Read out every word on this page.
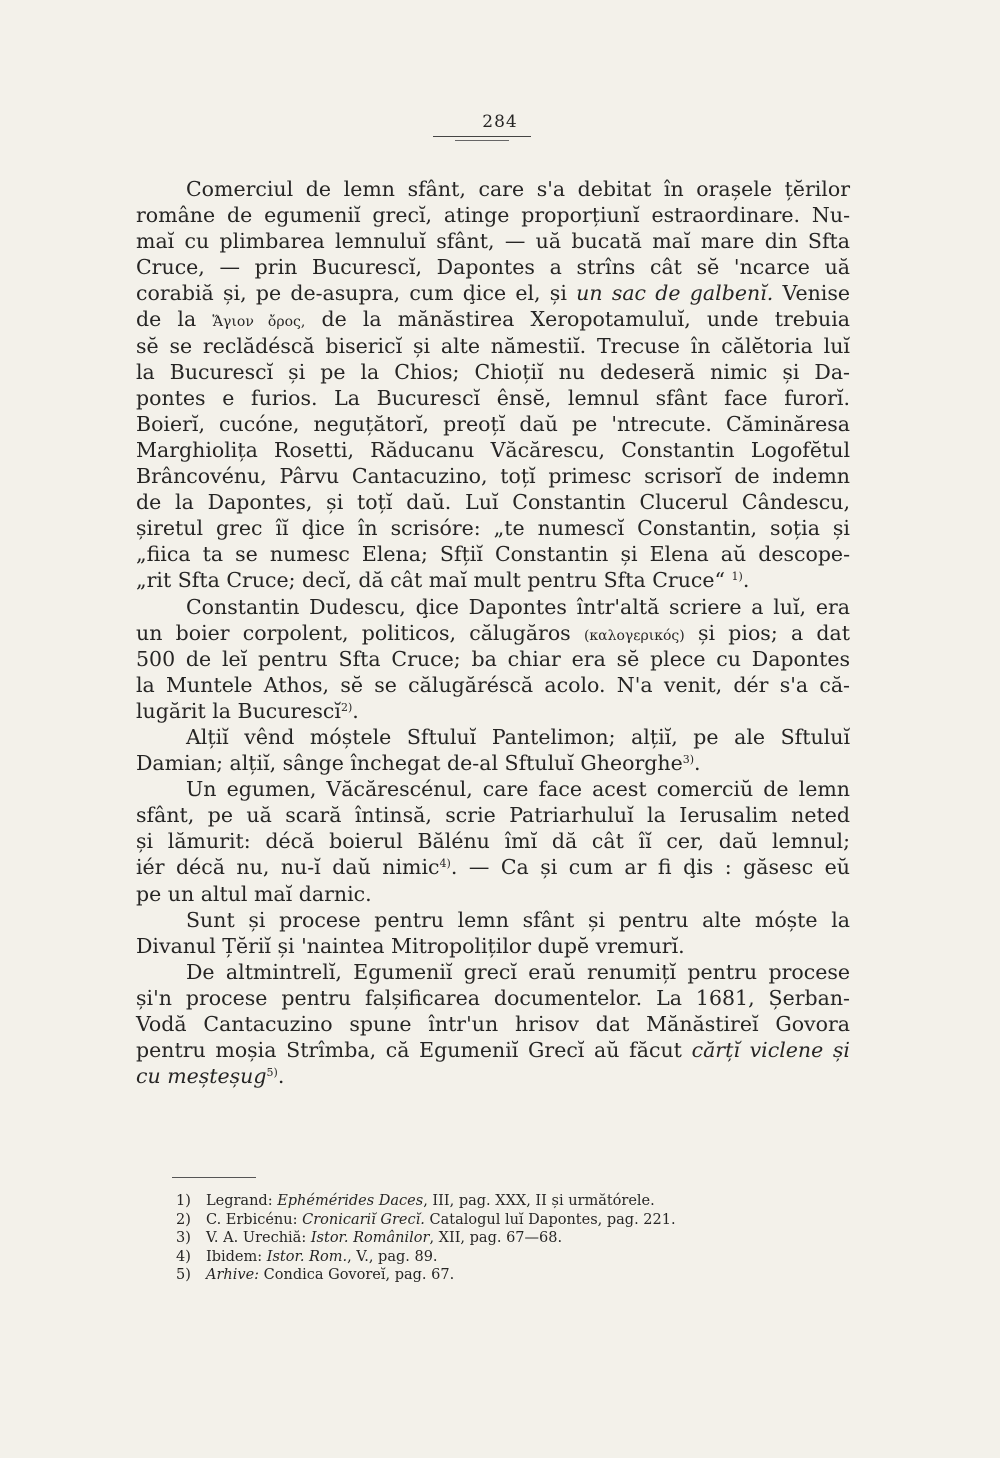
284
Comerciul de lemn sfânt, care s'a debitat în orașele țĕrilor
române de egumeniĭ grecĭ, atinge proporțiunĭ estraordinare. Nu-
maĭ cu plimbarea lemnuluĭ sfânt, — uă bucată maĭ mare din Sfta
Cruce, — prin Bucurescĭ, Dapontes a strîns cât sĕ 'ncarce uă
corabiă și, pe de-asupra, cum ḑice el, și un sac de galbenĭ. Venise
de la Ἅγιον ὄρος, de la mănăstirea Xeropotamuluĭ, unde trebuia
sĕ se reclădéscă bisericĭ și alte nămestiĭ. Trecuse în călĕtoria luĭ
la Bucurescĭ și pe la Chios; Chioțiĭ nu dedeseră nimic și Da-
pontes e furios. La Bucurescĭ ênsĕ, lemnul sfânt face furorĭ.
Boierĭ, cucóne, neguțătorĭ, preoțĭ daŭ pe 'ntrecute. Căminăresa
Marghiolița Rosetti, Răducanu Văcărescu, Constantin Logofĕtul
Brâncovénu, Pârvu Cantacuzino, toțĭ primesc scrisorĭ de indemn
de la Dapontes, și toțĭ daŭ. Luĭ Constantin Clucerul Cândescu,
șiretul grec îĭ ḑice în scrisóre: „te numescĭ Constantin, soția și
„fiica ta se numesc Elena; Sfțiĭ Constantin și Elena aŭ descope-
„rit Sfta Cruce; decĭ, dă cât maĭ mult pentru Sfta Cruce“ $^{1)}$.
Constantin Dudescu, ḑice Dapontes într'altă scriere a luĭ, era
un boier corpolent, politicos, călugăros (καλογερικός) și pios; a dat
500 de leĭ pentru Sfta Cruce; ba chiar era sĕ plece cu Dapontes
la Muntele Athos, sĕ se călugăréscă acolo. N'a venit, dér s'a că-
lugărit la Bucurescĭ$^{2)}$.
Alțiĭ vênd móștele Sftuluĭ Pantelimon; alțiĭ, pe ale Sftuluĭ
Damian; alțiĭ, sânge închegat de-al Sftuluĭ Gheorghe$^{3)}$.
Un egumen, Văcărescénul, care face acest comerciŭ de lemn
sfânt, pe uă scară întinsă, scrie Patriarhuluĭ la Ierusalim neted
și lămurit: décă boierul Bălénu îmĭ dă cât îĭ cer, daŭ lemnul;
iér décă nu, nu-ĭ daŭ nimic$^{4)}$. — Ca și cum ar fi ḑis : găsesc eŭ
pe un altul maĭ darnic.
Sunt și procese pentru lemn sfânt și pentru alte móște la
Divanul Țĕriĭ și 'naintea Mitropoliților dupĕ vremurĭ.
De altmintrelĭ, Egumeniĭ grecĭ eraŭ renumițĭ pentru procese
și'n procese pentru falșificarea documentelor. La 1681, Șerban-
Vodă Cantacuzino spune într'un hrisov dat Mănăstireĭ Govora
pentru moșia Strîmba, că Egumeniĭ Grecĭ aŭ făcut cărțĭ viclene și
cu meșteșug$^{5)}$.
1) Legrand: Ephémérides Daces, III, pag. XXX, II și următórele.
2) C. Erbicénu: Cronicariĭ Grecĭ. Catalogul luĭ Dapontes, pag. 221.
3) V. A. Urechiă: Istor. Românilor, XII, pag. 67—68.
4) Ibidem: Istor. Rom., V., pag. 89.
5) Arhive: Condica Govoreĭ, pag. 67.
